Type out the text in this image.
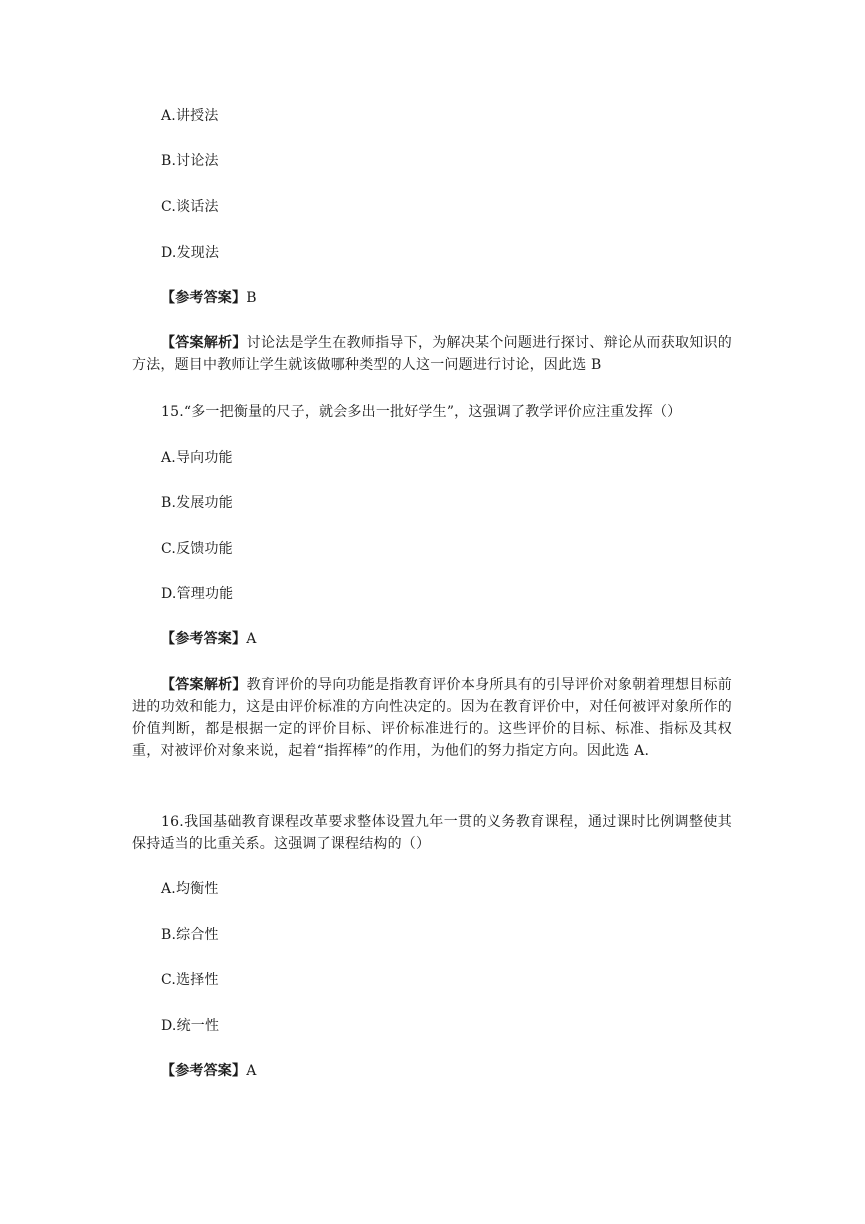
A.讲授法
B.讨论法
C.谈话法
D.发现法
【参考答案】B
【答案解析】讨论法是学生在教师指导下，为解决某个问题进行探讨、辩论从而获取知识的方法，题目中教师让学生就该做哪种类型的人这一问题进行讨论，因此选 B
15.“多一把衡量的尺子，就会多出一批好学生”，这强调了教学评价应注重发挥（）
A.导向功能
B.发展功能
C.反馈功能
D.管理功能
【参考答案】A
【答案解析】教育评价的导向功能是指教育评价本身所具有的引导评价对象朝着理想目标前进的功效和能力，这是由评价标准的方向性决定的。因为在教育评价中，对任何被评对象所作的价值判断，都是根据一定的评价目标、评价标准进行的。这些评价的目标、标准、指标及其权重，对被评价对象来说，起着“指挥棒”的作用，为他们的努力指定方向。因此选 A.
16.我国基础教育课程改革要求整体设置九年一贯的义务教育课程，通过课时比例调整使其保持适当的比重关系。这强调了课程结构的（）
A.均衡性
B.综合性
C.选择性
D.统一性
【参考答案】A
